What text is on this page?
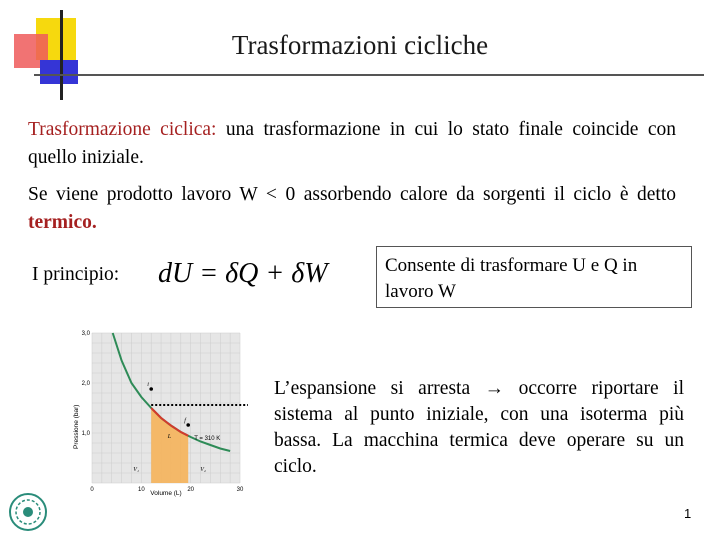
Trasformazioni cicliche
Trasformazione ciclica: una trasformazione in cui lo stato finale coincide con quello iniziale.
Se viene prodotto lavoro W < 0 assorbendo calore da sorgenti il ciclo è detto termico.
I principio: dU = δQ + δW	Consente di trasformare U e Q in lavoro W
Pressione (bar)
0	10	20	30
1,0
2,0
3,0
i
f
L	T = 310 K
V₁	V₂
Volume (L)
L’espansione si arresta → occorre riportare il sistema al punto iniziale, con una isoterma più bassa. La macchina termica deve operare su un ciclo.
1
